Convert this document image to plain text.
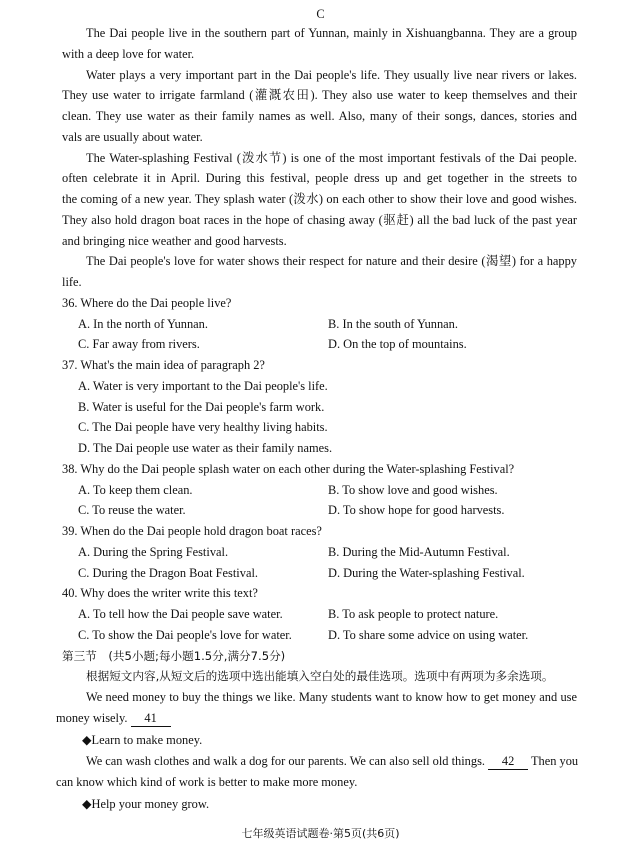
C
The Dai people live in the southern part of Yunnan, mainly in Xishuangbanna. They are a group
with a deep love for water.
Water plays a very important part in the Dai people's life. They usually live near rivers or lakes.
They use water to irrigate farmland (灌溉农田). They also use water to keep themselves and their
clean. They use water as their family names as well. Also, many of their songs, dances, stories and
vals are usually about water.
The Water-splashing Festival (泼水节) is one of the most important festivals of the Dai people.
often celebrate it in April. During this festival, people dress up and get together in the streets to
the coming of a new year. They splash water (泼水) on each other to show their love and good wishes.
They also hold dragon boat races in the hope of chasing away (驱赶) all the bad luck of the past year
and bringing nice weather and good harvests.
The Dai people's love for water shows their respect for nature and their desire (渴望) for a happy
life.
36. Where do the Dai people live?
A. In the north of Yunnan.	B. In the south of Yunnan.
C. Far away from rivers.	D. On the top of mountains.
37. What's the main idea of paragraph 2?
A. Water is very important to the Dai people's life.
B. Water is useful for the Dai people's farm work.
C. The Dai people have very healthy living habits.
D. The Dai people use water as their family names.
38. Why do the Dai people splash water on each other during the Water-splashing Festival?
A. To keep them clean.	B. To show love and good wishes.
C. To reuse the water.	D. To show hope for good harvests.
39. When do the Dai people hold dragon boat races?
A. During the Spring Festival.	B. During the Mid-Autumn Festival.
C. During the Dragon Boat Festival.	D. During the Water-splashing Festival.
40. Why does the writer write this text?
A. To tell how the Dai people save water.	B. To ask people to protect nature.
C. To show the Dai people's love for water.	D. To share some advice on using water.
第三节　(共5小题;每小题1.5分,满分7.5分)
根据短文内容,从短文后的选项中选出能填入空白处的最佳选项。选项中有两项为多余选项。
We need money to buy the things we like. Many students want to know how to get money and use
money wisely. 41
◆Learn to make money.
We can wash clothes and walk a dog for our parents. We can also sell old things. 42 Then you
can know which kind of work is better to make more money.
◆Help your money grow.
七年级英语试题卷·第5页(共6页)
